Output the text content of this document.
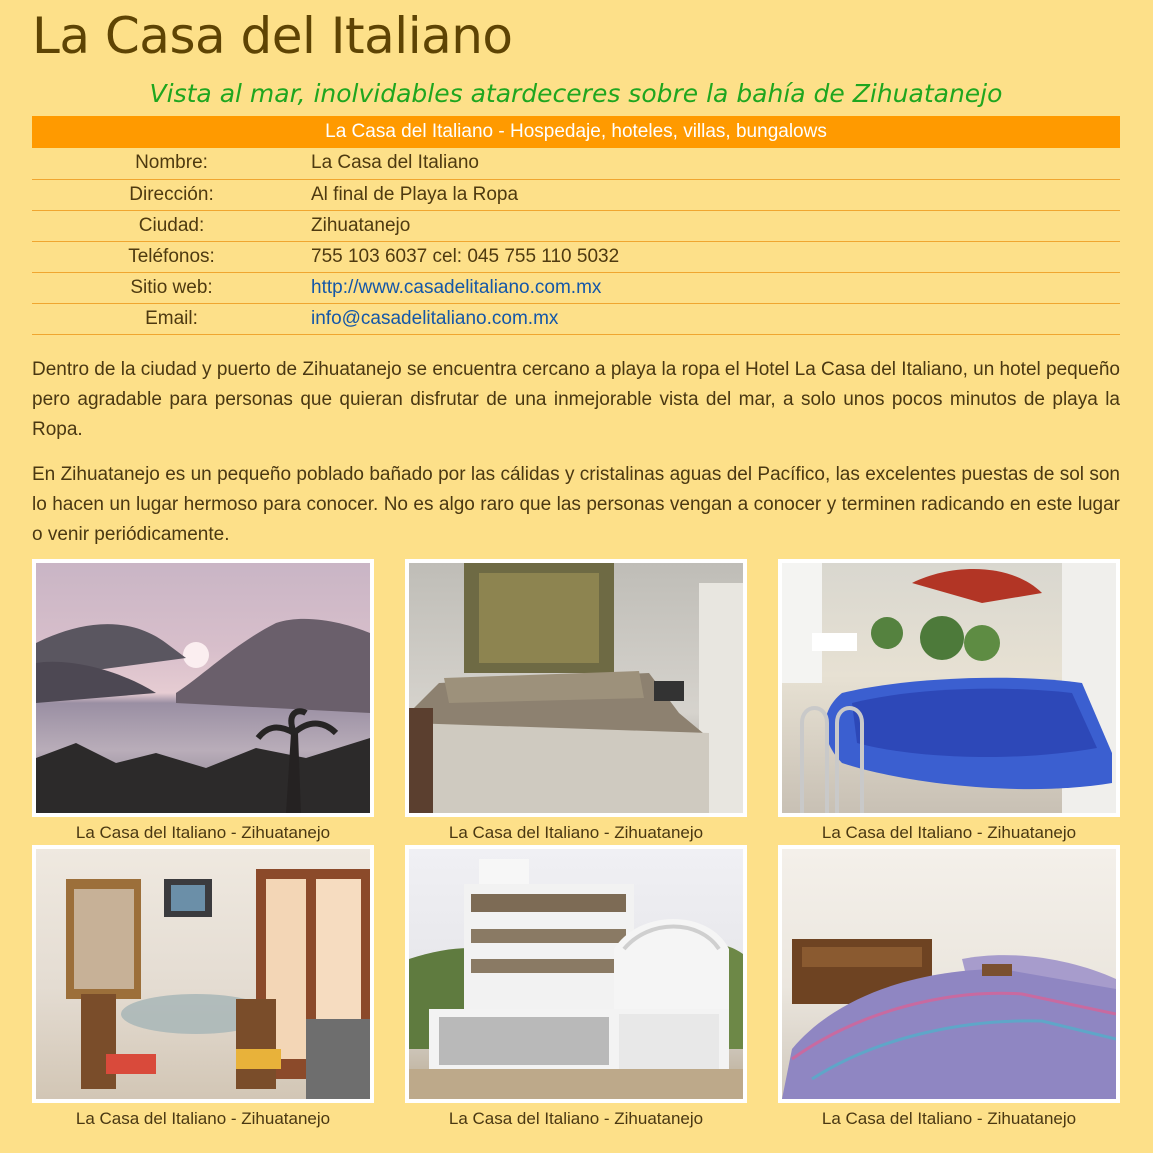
La Casa del Italiano
Vista al mar, inolvidables atardeceres sobre la bahía de Zihuatanejo
La Casa del Italiano - Hospedaje, hoteles, villas, bungalows	
Nombre:	La Casa del Italiano
Dirección:	Al final de Playa la Ropa
Ciudad:	Zihuatanejo
Teléfonos:	755 103 6037 cel: 045 755 110 5032
Sitio web:	http://www.casadelitaliano.com.mx
Email:	info@casadelitaliano.com.mx

Dentro de la ciudad y puerto de Zihuatanejo se encuentra cercano a playa la ropa el Hotel La Casa del Italiano, un hotel pequeño pero agradable para personas que quieran disfrutar de una inmejorable vista del mar, a solo unos pocos minutos de playa la Ropa.

En Zihuatanejo es un pequeño poblado bañado por las cálidas y cristalinas aguas del Pacífico, las excelentes puestas de sol son lo hacen un lugar hermoso para conocer. No es algo raro que las personas vengan a conocer y terminen radicando en este lugar o venir periódicamente.

La Casa del Italiano - Zihuatanejo	La Casa del Italiano - Zihuatanejo	La Casa del Italiano - Zihuatanejo
La Casa del Italiano - Zihuatanejo	La Casa del Italiano - Zihuatanejo	La Casa del Italiano - Zihuatanejo
